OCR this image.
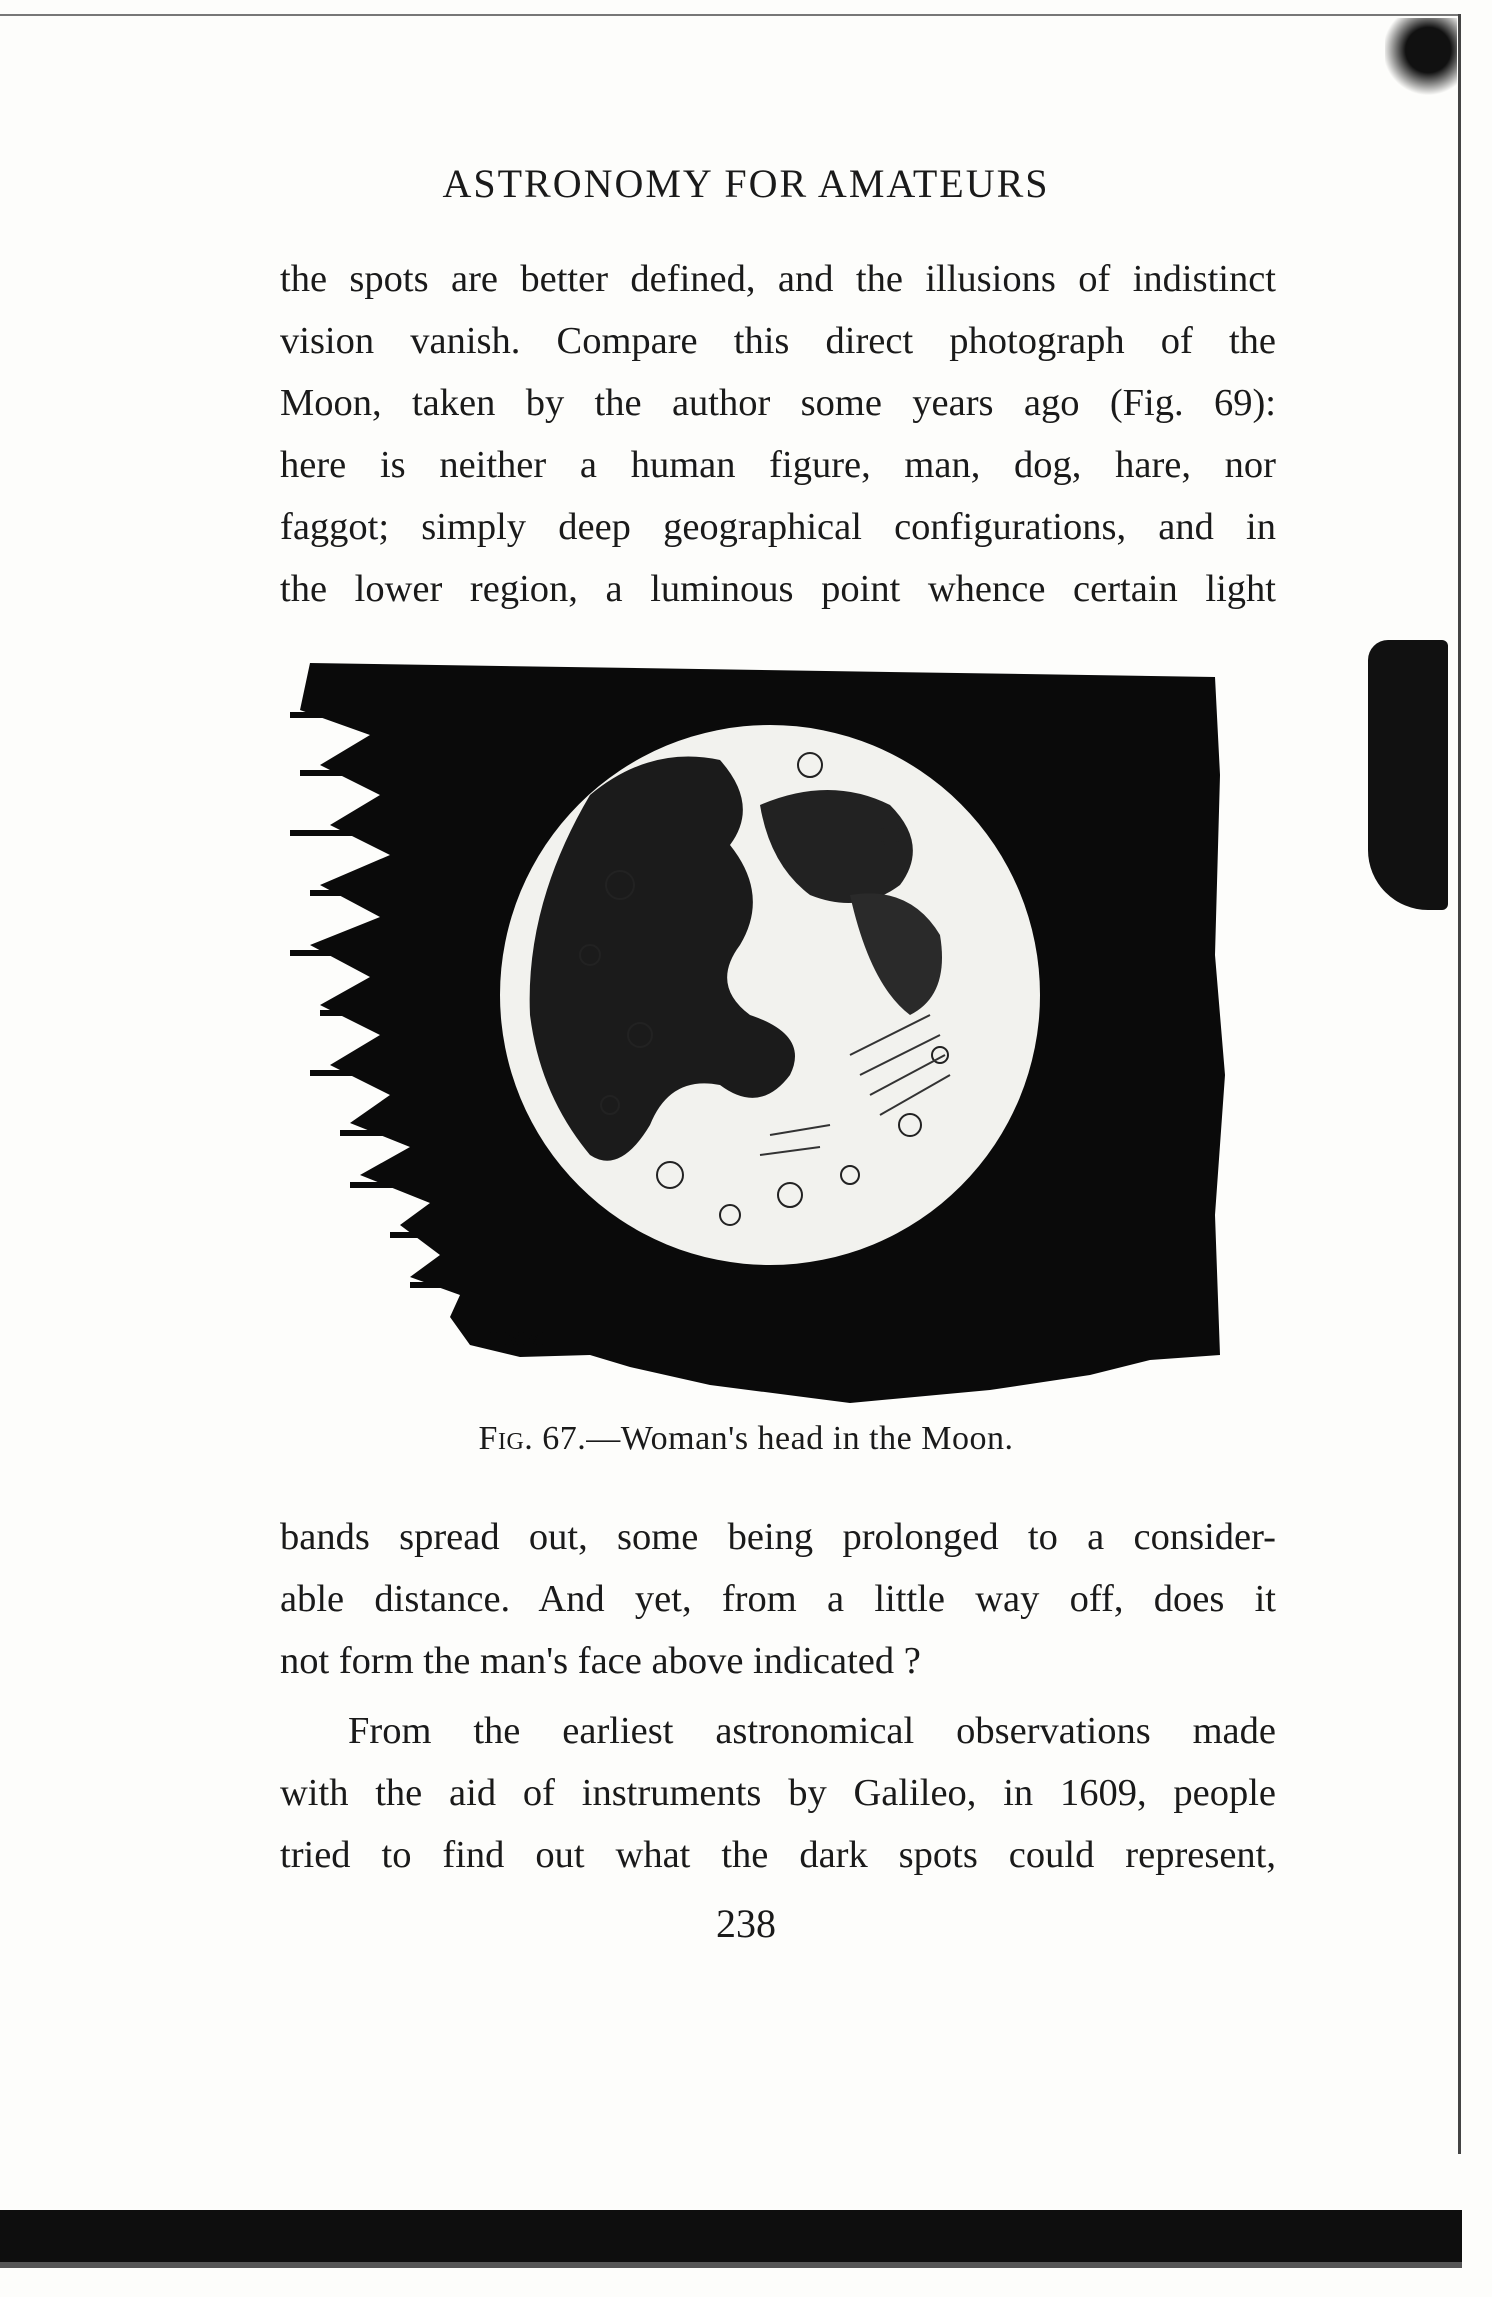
ASTRONOMY FOR AMATEURS
the spots are better defined, and the illusions of indistinct
vision vanish. Compare this direct photograph of the
Moon, taken by the author some years ago (Fig. 69):
here is neither a human figure, man, dog, hare, nor
faggot; simply deep geographical configurations, and in
the lower region, a luminous point whence certain light
HMM
Fig. 67.—Woman's head in the Moon.
bands spread out, some being prolonged to a consider-
able distance. And yet, from a little way off, does it
not form the man's face above indicated ?
From the earliest astronomical observations made
with the aid of instruments by Galileo, in 1609, people
tried to find out what the dark spots could represent,
238
